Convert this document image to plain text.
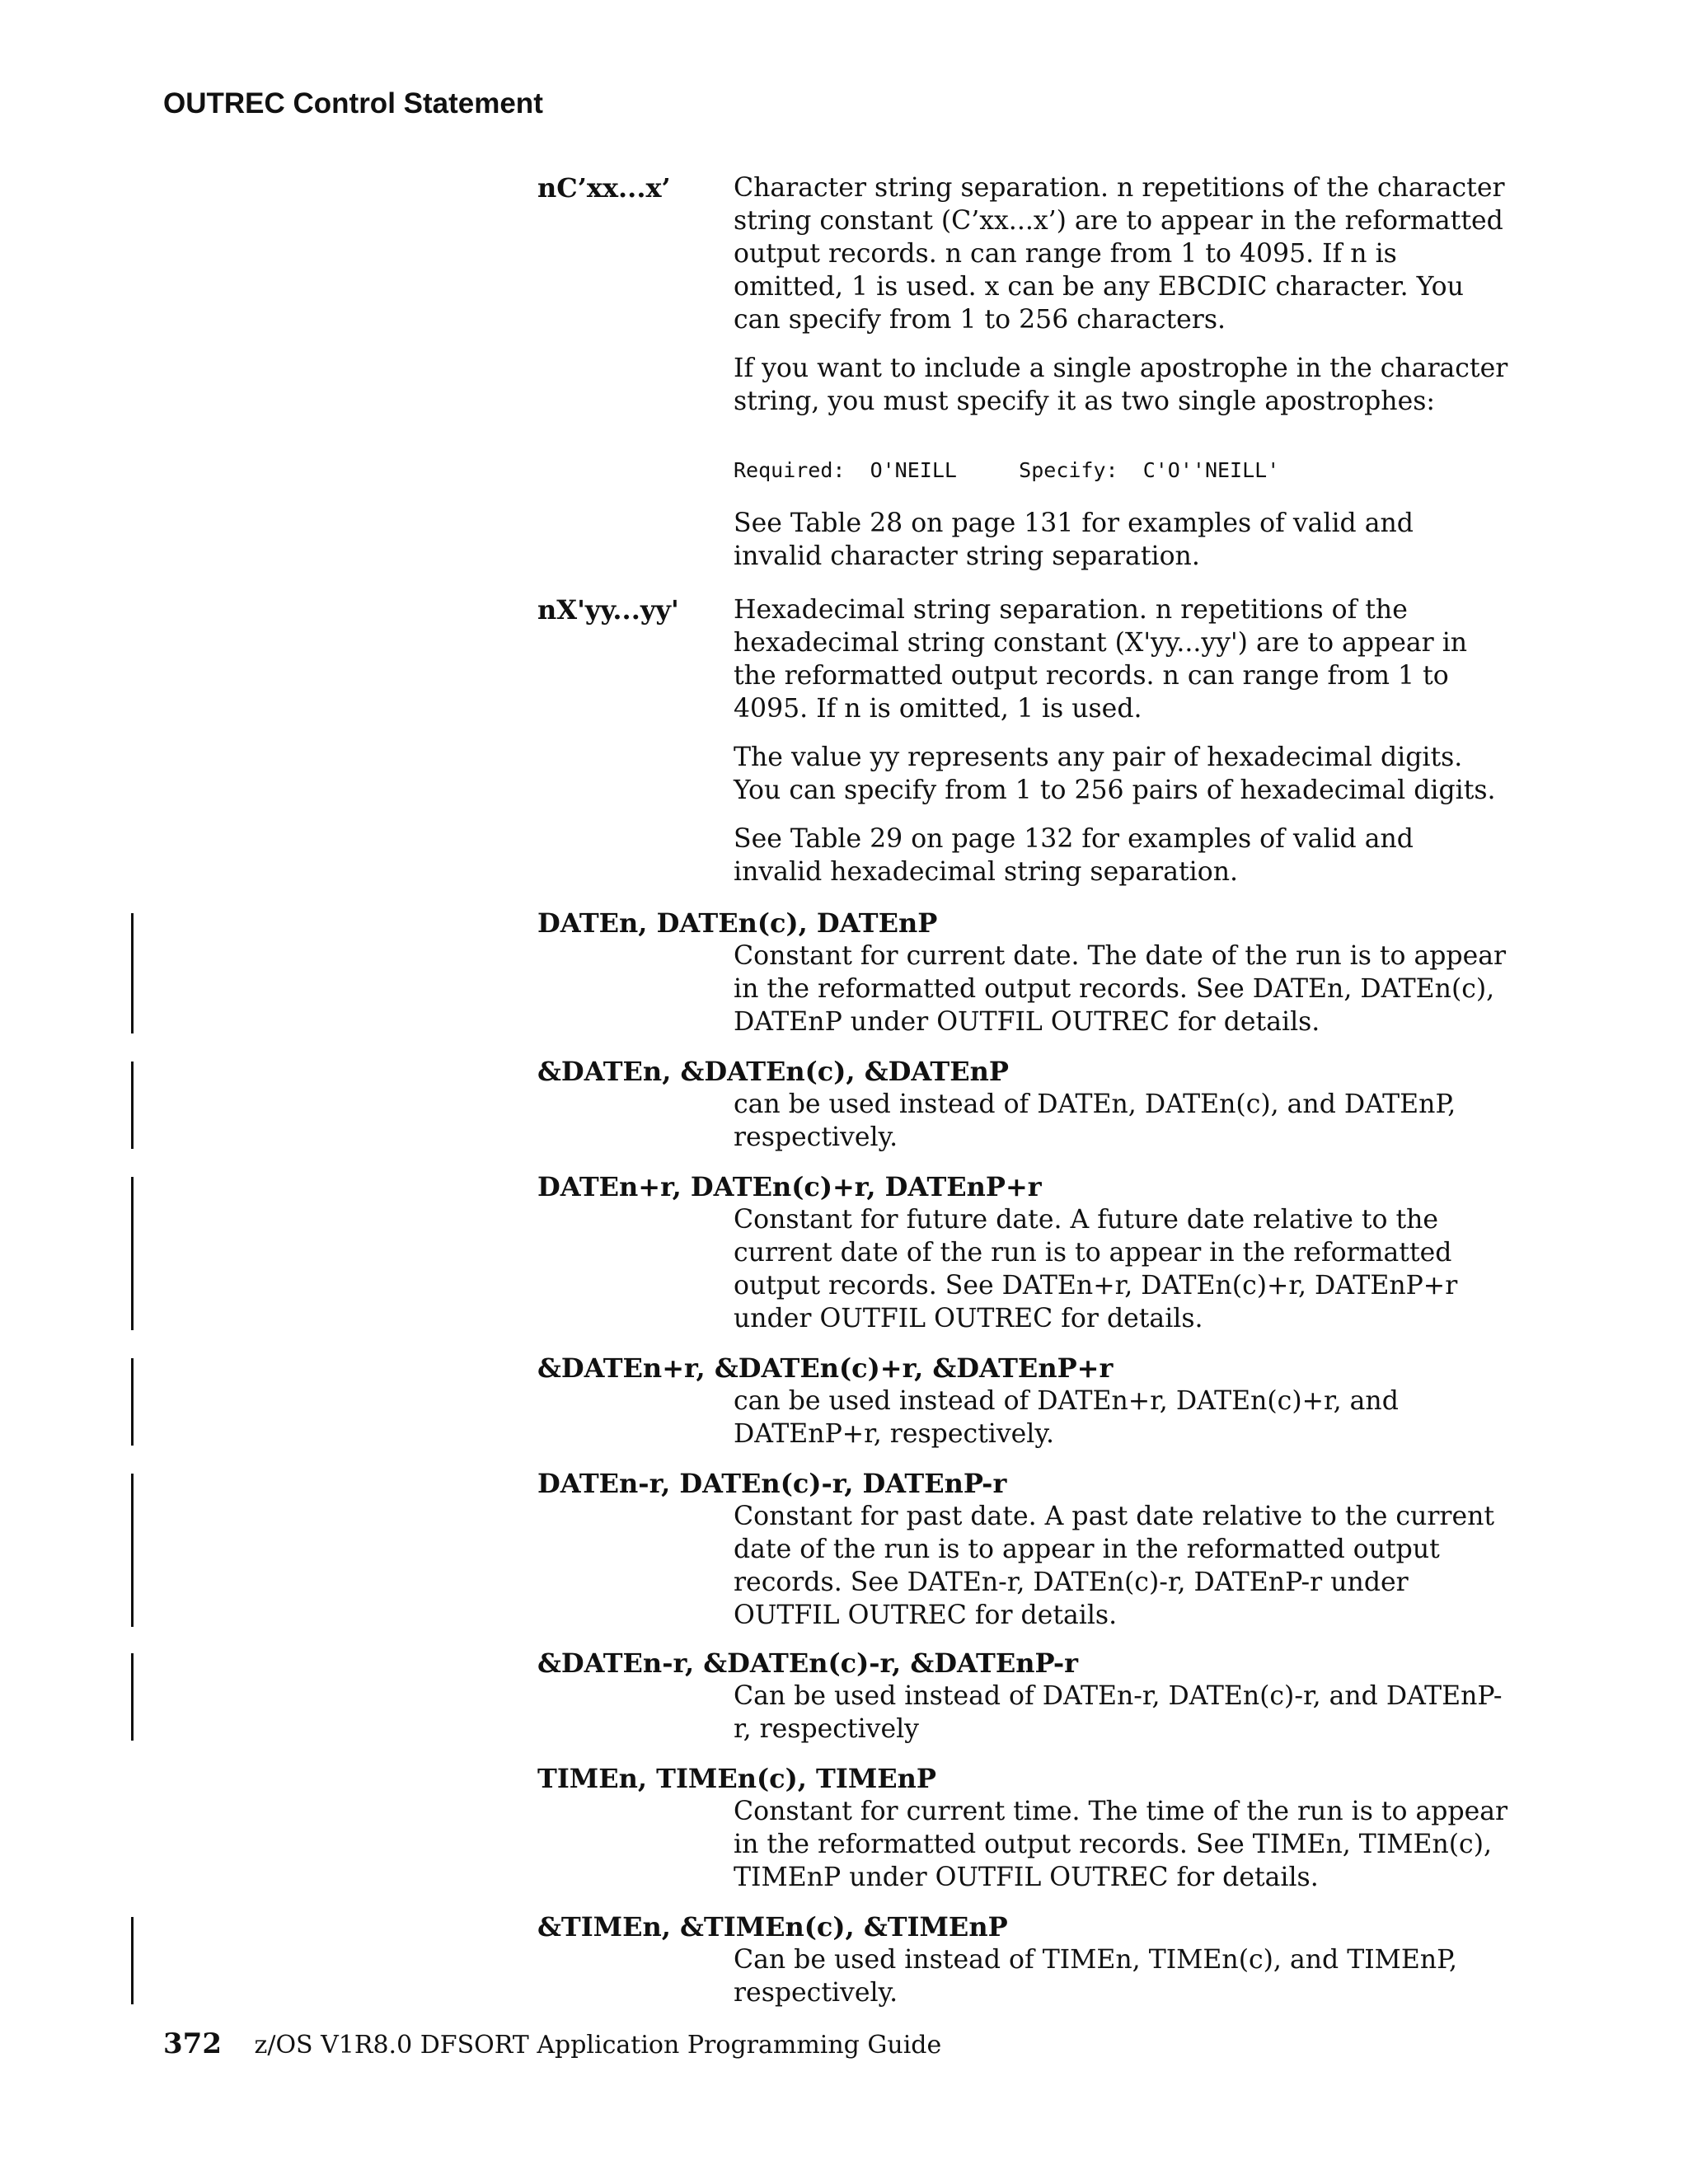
OUTREC Control Statement
nC’xx...x’ Character string separation. n repetitions of the character string constant (C’xx...x’) are to appear in the reformatted output records. n can range from 1 to 4095. If n is omitted, 1 is used. x can be any EBCDIC character. You can specify from 1 to 256 characters.

If you want to include a single apostrophe in the character string, you must specify it as two single apostrophes:

Required:  O'NEILL     Specify:  C'O''NEILL'

See Table 28 on page 131 for examples of valid and invalid character string separation.

nX'yy...yy' Hexadecimal string separation. n repetitions of the hexadecimal string constant (X'yy...yy') are to appear in the reformatted output records. n can range from 1 to 4095. If n is omitted, 1 is used.

The value yy represents any pair of hexadecimal digits. You can specify from 1 to 256 pairs of hexadecimal digits.

See Table 29 on page 132 for examples of valid and invalid hexadecimal string separation.

DATEn, DATEn(c), DATEnP
Constant for current date. The date of the run is to appear in the reformatted output records. See DATEn, DATEn(c), DATEnP under OUTFIL OUTREC for details.
&DATEn, &DATEn(c), &DATEnP
can be used instead of DATEn, DATEn(c), and DATEnP, respectively.
DATEn+r, DATEn(c)+r, DATEnP+r
Constant for future date. A future date relative to the current date of the run is to appear in the reformatted output records. See DATEn+r, DATEn(c)+r, DATEnP+r under OUTFIL OUTREC for details.
&DATEn+r, &DATEn(c)+r, &DATEnP+r
can be used instead of DATEn+r, DATEn(c)+r, and DATEnP+r, respectively.
DATEn-r, DATEn(c)-r, DATEnP-r
Constant for past date. A past date relative to the current date of the run is to appear in the reformatted output records. See DATEn-r, DATEn(c)-r, DATEnP-r under OUTFIL OUTREC for details.
&DATEn-r, &DATEn(c)-r, &DATEnP-r
Can be used instead of DATEn-r, DATEn(c)-r, and DATEnP-r, respectively
TIMEn, TIMEn(c), TIMEnP
Constant for current time. The time of the run is to appear in the reformatted output records. See TIMEn, TIMEn(c), TIMEnP under OUTFIL OUTREC for details.
&TIMEn, &TIMEn(c), &TIMEnP
Can be used instead of TIMEn, TIMEn(c), and TIMEnP, respectively.
372 z/OS V1R8.0 DFSORT Application Programming Guide
